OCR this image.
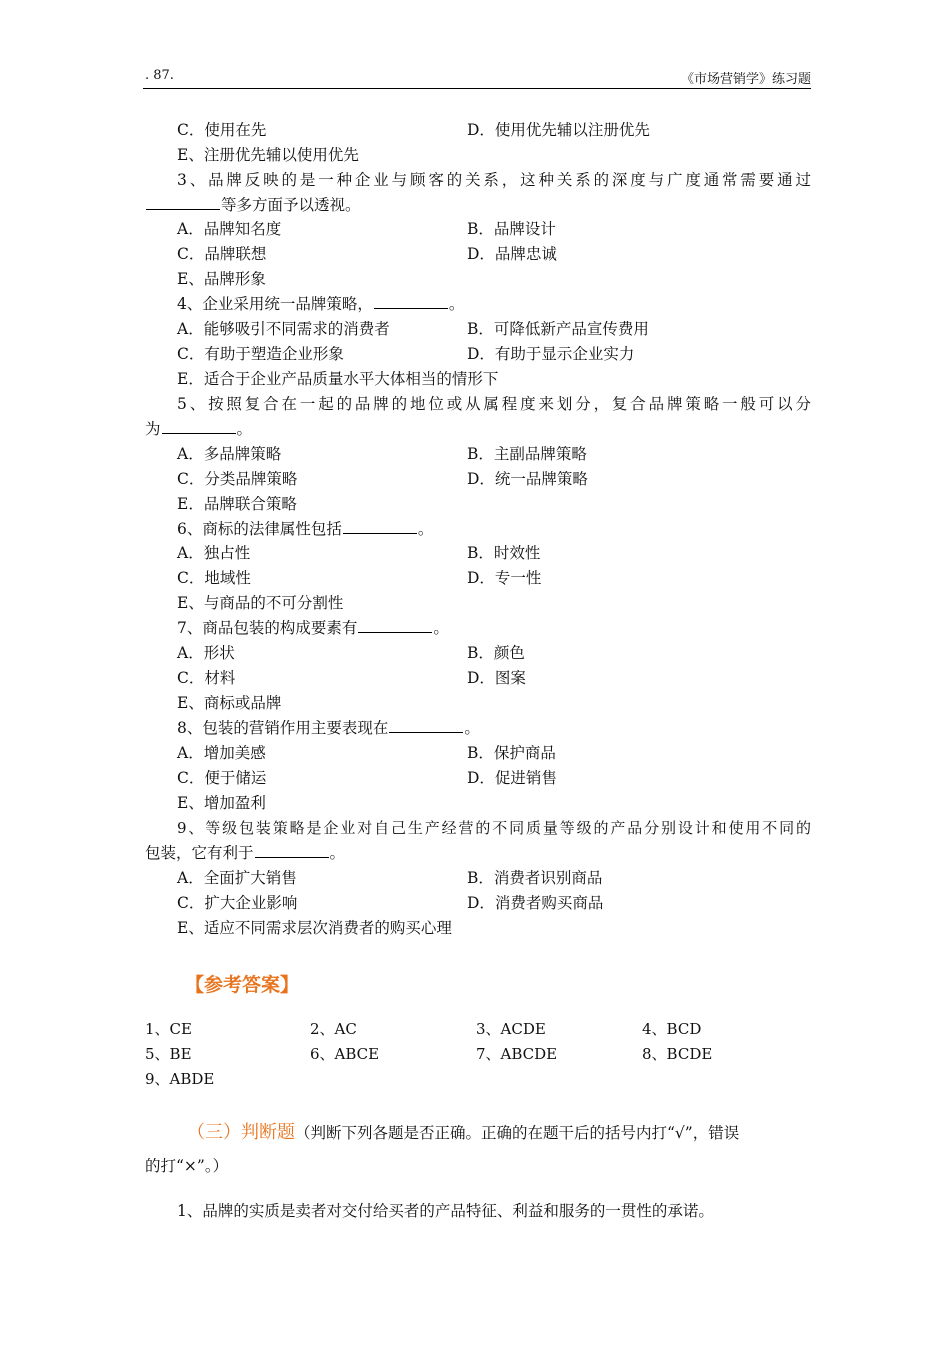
. 87.	《市场营销学》练习题
C．使用在先	D．使用优先辅以注册优先
E、注册优先辅以使用优先
3、品牌反映的是一种企业与顾客的关系，这种关系的深度与广度通常需要通过
等多方面予以透视。
A．品牌知名度	B．品牌设计
C．品牌联想	D．品牌忠诚
E、品牌形象
4、企业采用统一品牌策略，	。
A．能够吸引不同需求的消费者	B．可降低新产品宣传费用
C．有助于塑造企业形象	D．有助于显示企业实力
E．适合于企业产品质量水平大体相当的情形下
5、按照复合在一起的品牌的地位或从属程度来划分，复合品牌策略一般可以分
为	。
A．多品牌策略	B．主副品牌策略
C．分类品牌策略	D．统一品牌策略
E．品牌联合策略
6、商标的法律属性包括	。
A．独占性	B．时效性
C．地域性	D．专一性
E、与商品的不可分割性
7、商品包装的构成要素有	。
A．形状	B．颜色
C．材料	D．图案
E、商标或品牌
8、包装的营销作用主要表现在	。
A．增加美感	B．保护商品
C．便于储运	D．促进销售
E、增加盈利
9、等级包装策略是企业对自己生产经营的不同质量等级的产品分别设计和使用不同的
包装，它有利于	。
A．全面扩大销售	B．消费者识别商品
C．扩大企业影响	D．消费者购买商品
E、适应不同需求层次消费者的购买心理
【参考答案】
1、CE	2、AC	3、ACDE	4、BCD
5、BE	6、ABCE	7、ABCDE	8、BCDE
9、ABDE
（三）判断题（判断下列各题是否正确。正确的在题干后的括号内打“√”，错误
的打“×”。）
1、品牌的实质是卖者对交付给买者的产品特征、利益和服务的一贯性的承诺。
